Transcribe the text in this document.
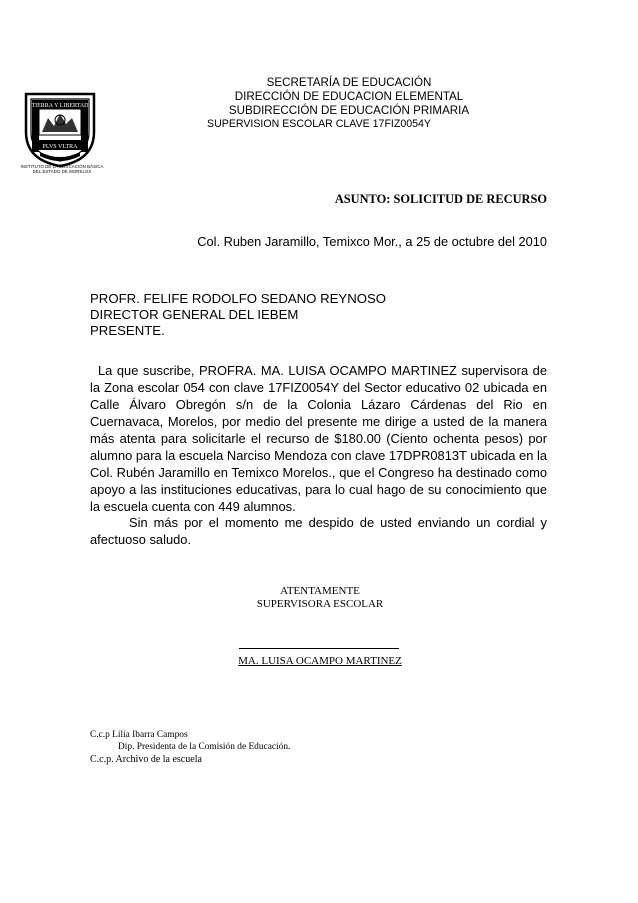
TIERRA Y LIBERTAD
PLVS VLTRA
INSTITUTO DE LA EDUCACIÓN BÁSICA
DEL ESTADO DE MORELOS
SECRETARÍA DE EDUCACIÓN
DIRECCIÓN DE EDUCACION ELEMENTAL
SUBDIRECCIÓN DE EDUCACIÓN PRIMARIA
SUPERVISION ESCOLAR CLAVE 17FIZ0054Y
ASUNTO: SOLICITUD DE RECURSO
Col. Ruben Jaramillo, Temixco Mor., a 25 de octubre del 2010
PROFR. FELIFE RODOLFO SEDANO REYNOSO
DIRECTOR GENERAL DEL IEBEM
PRESENTE.
La que suscribe, PROFRA. MA. LUISA OCAMPO MARTINEZ supervisora de la Zona escolar 054 con clave 17FIZ0054Y del Sector educativo 02 ubicada en Calle Álvaro Obregón s/n de la Colonia Lázaro Cárdenas del Rio en Cuernavaca, Morelos, por medio del presente me dirige a usted de la manera más atenta para solicitarle el recurso de $180.00 (Ciento ochenta pesos) por alumno para la escuela Narciso Mendoza con clave 17DPR0813T ubicada en la Col. Rubén Jaramillo en Temixco Morelos., que el Congreso ha destinado como apoyo a las instituciones educativas, para lo cual hago de su conocimiento que la escuela cuenta con 449 alumnos.
Sin más por el momento me despido de usted enviando un cordial y afectuoso saludo.
ATENTAMENTE
SUPERVISORA ESCOLAR
MA. LUISA OCAMPO MARTINEZ
C.c.p Lilia Ibarra Campos
Dip. Presidenta de la Comisión de Educación.
C.c.p. Archivo de la escuela
